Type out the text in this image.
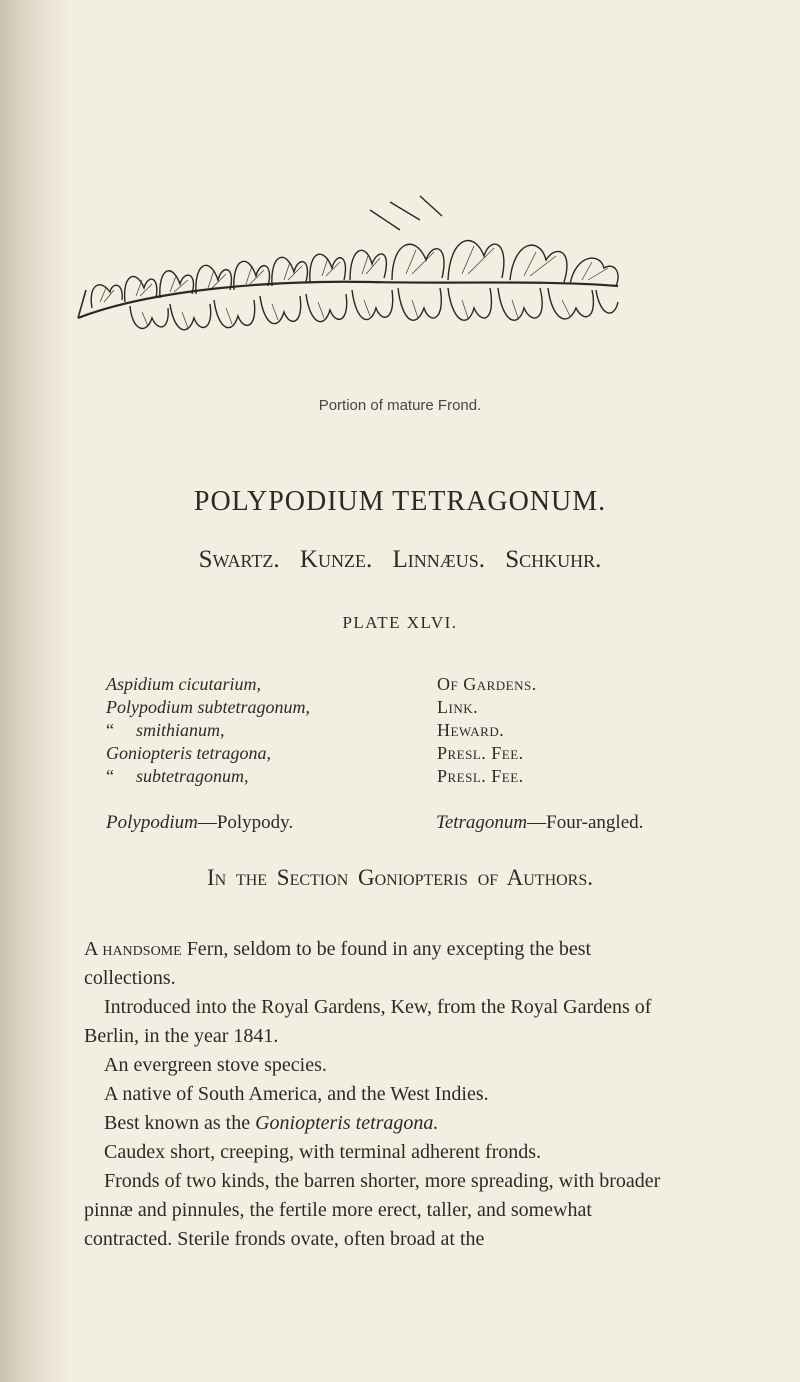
Portion of mature Frond.
POLYPODIUM TETRAGONUM.
Swartz. Kunze. Linnæus. Schkuhr.
PLATE XLVI.
Aspidium cicutarium,
Polypodium subtetragonum,
“ smithianum,
Goniopteris tetragona,
“ subtetragonum,
Of Gardens.
Link.
Heward.
Presl. Fee.
Presl. Fee.
Polypodium—Polypody.	Tetragonum—Four-angled.
In the Section Goniopteris of Authors.

A handsome Fern, seldom to be found in any excepting the best collections.

Introduced into the Royal Gardens, Kew, from the Royal Gardens of Berlin, in the year 1841.

An evergreen stove species.

A native of South America, and the West Indies.

Best known as the Goniopteris tetragona.

Caudex short, creeping, with terminal adherent fronds.

Fronds of two kinds, the barren shorter, more spreading, with broader pinnæ and pinnules, the fertile more erect, taller, and somewhat contracted. Sterile fronds ovate, often broad at the
